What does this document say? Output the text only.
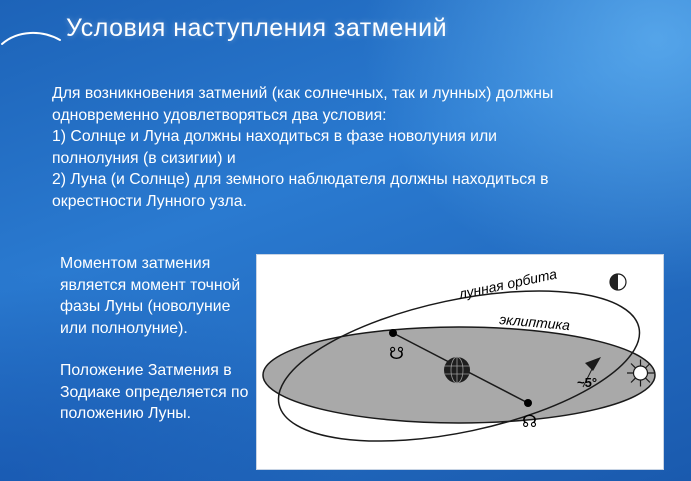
Условия наступления затмений
Для возникновения затмений (как солнечных, так и лунных) должны
одновременно удовлетворяться два условия:
1) Солнце и Луна должны находиться в фазе новолуния или
полнолуния (в сизигии) и
2) Луна (и Солнце) для земного наблюдателя должны находиться в
окрестности Лунного узла.

Моментом затмения является момент точной фазы Луны (новолуние или полнолуние).

Положение Затмения в Зодиаке определяется по положению Луны.

☋
☊
~5°
лунная орбита
эклиптика
